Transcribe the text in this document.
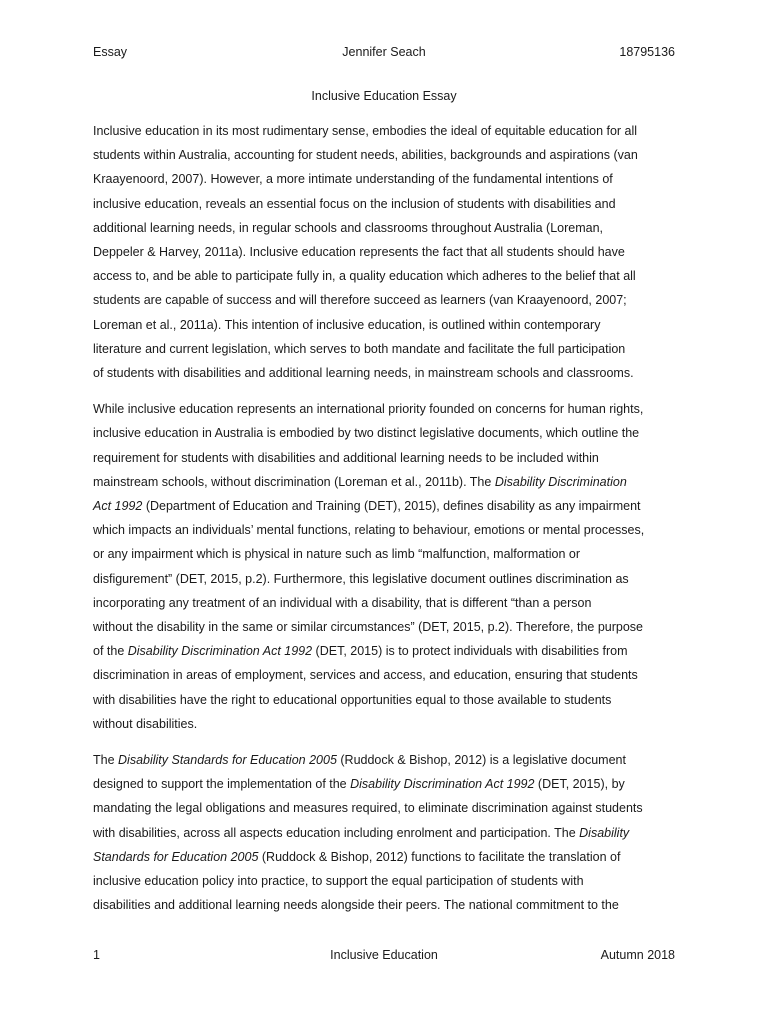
Essay	Jennifer Seach	18795136
Inclusive Education Essay

Inclusive education in its most rudimentary sense, embodies the ideal of equitable education for all
students within Australia, accounting for student needs, abilities, backgrounds and aspirations (van
Kraayenoord, 2007). However, a more intimate understanding of the fundamental intentions of
inclusive education, reveals an essential focus on the inclusion of students with disabilities and
additional learning needs, in regular schools and classrooms throughout Australia (Loreman,
Deppeler & Harvey, 2011a). Inclusive education represents the fact that all students should have
access to, and be able to participate fully in, a quality education which adheres to the belief that all
students are capable of success and will therefore succeed as learners (van Kraayenoord, 2007;
Loreman et al., 2011a). This intention of inclusive education, is outlined within contemporary
literature and current legislation, which serves to both mandate and facilitate the full participation
of students with disabilities and additional learning needs, in mainstream schools and classrooms.

While inclusive education represents an international priority founded on concerns for human rights,
inclusive education in Australia is embodied by two distinct legislative documents, which outline the
requirement for students with disabilities and additional learning needs to be included within
mainstream schools, without discrimination (Loreman et al., 2011b). The Disability Discrimination
Act 1992 (Department of Education and Training (DET), 2015), defines disability as any impairment
which impacts an individuals’ mental functions, relating to behaviour, emotions or mental processes,
or any impairment which is physical in nature such as limb “malfunction, malformation or
disfigurement” (DET, 2015, p.2). Furthermore, this legislative document outlines discrimination as
incorporating any treatment of an individual with a disability, that is different “than a person
without the disability in the same or similar circumstances” (DET, 2015, p.2). Therefore, the purpose
of the Disability Discrimination Act 1992 (DET, 2015) is to protect individuals with disabilities from
discrimination in areas of employment, services and access, and education, ensuring that students
with disabilities have the right to educational opportunities equal to those available to students
without disabilities.

The Disability Standards for Education 2005 (Ruddock & Bishop, 2012) is a legislative document
designed to support the implementation of the Disability Discrimination Act 1992 (DET, 2015), by
mandating the legal obligations and measures required, to eliminate discrimination against students
with disabilities, across all aspects education including enrolment and participation. The Disability
Standards for Education 2005 (Ruddock & Bishop, 2012) functions to facilitate the translation of
inclusive education policy into practice, to support the equal participation of students with
disabilities and additional learning needs alongside their peers. The national commitment to the

1	Inclusive Education	Autumn 2018
